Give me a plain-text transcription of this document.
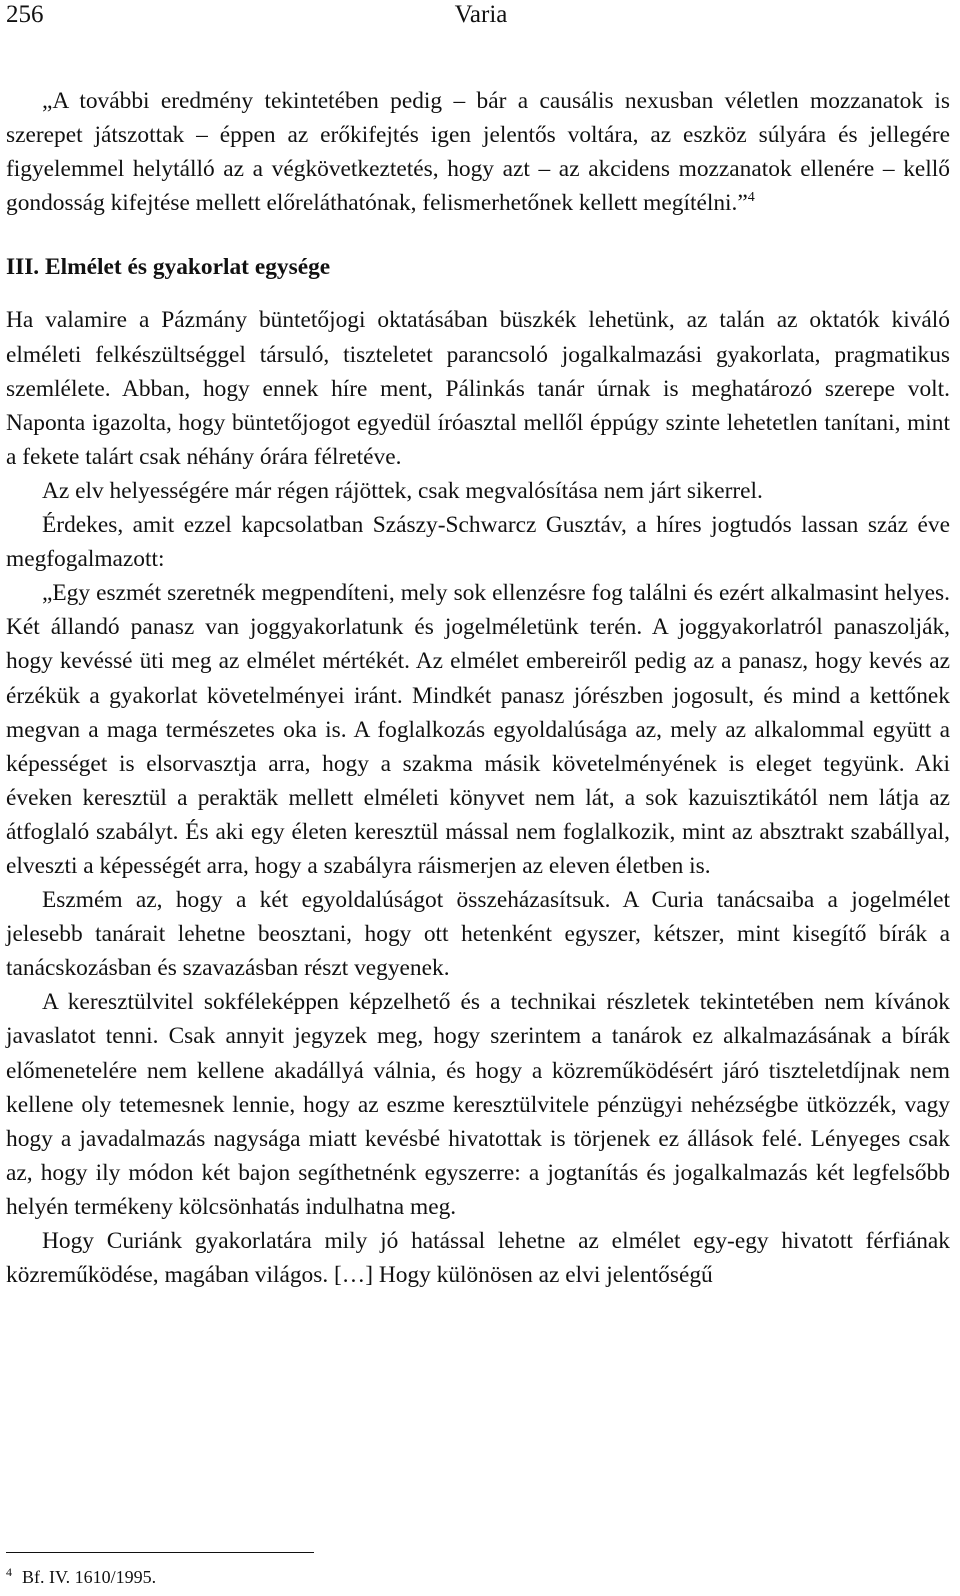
256	Varia

„A további eredmény tekintetében pedig – bár a causális nexusban véletlen mozzanatok is szerepet játszottak – éppen az erőkifejtés igen jelentős voltára, az eszköz súlyára és jellegére figyelemmel helytálló az a végkövetkeztetés, hogy azt – az akcidens mozzanatok ellenére – kellő gondosság kifejtése mellett előreláthatónak, felismerhetőnek kellett megítélni.”$^4$

III. Elmélet és gyakorlat egysége

Ha valamire a Pázmány büntetőjogi oktatásában büszkék lehetünk, az talán az oktatók kiváló elméleti felkészültséggel társuló, tiszteletet parancsoló jogalkalmazási gyakorlata, pragmatikus szemlélete. Abban, hogy ennek híre ment, Pálinkás tanár úrnak is meghatározó szerepe volt. Naponta igazolta, hogy büntetőjogot egyedül íróasztal mellől éppúgy szinte lehetetlen tanítani, mint a fekete talárt csak néhány órára félretéve.

Az elv helyességére már régen rájöttek, csak megvalósítása nem járt sikerrel.

Érdekes, amit ezzel kapcsolatban Szászy-Schwarcz Gusztáv, a híres jogtudós lassan száz éve megfogalmazott:

„Egy eszmét szeretnék megpendíteni, mely sok ellenzésre fog találni és ezért alkalmasint helyes. Két állandó panasz van joggyakorlatunk és jogelméletünk terén. A joggyakorlatról panaszolják, hogy kevéssé üti meg az elmélet mértékét. Az elmélet embereiről pedig az a panasz, hogy kevés az érzékük a gyakorlat követelményei iránt. Mindkét panasz jórészben jogosult, és mind a kettőnek megvan a maga természetes oka is. A foglalkozás egyoldalúsága az, mely az alkalommal együtt a képességet is elsorvasztja arra, hogy a szakma másik követelményének is eleget tegyünk. Aki éveken keresztül a peraktäk mellett elméleti könyvet nem lát, a sok kazuisztikától nem látja az átfoglaló szabályt. És aki egy életen keresztül mással nem foglalkozik, mint az absztrakt szabállyal, elveszti a képességét arra, hogy a szabályra ráismerjen az eleven életben is.

Eszmém az, hogy a két egyoldalúságot összeházasítsuk. A Curia tanácsaiba a jogelmélet jelesebb tanárait lehetne beosztani, hogy ott hetenként egyszer, kétszer, mint kisegítő bírák a tanácskozásban és szavazásban részt vegyenek.

A keresztülvitel sokféleképpen képzelhető és a technikai részletek tekintetében nem kívánok javaslatot tenni. Csak annyit jegyzek meg, hogy szerintem a tanárok ez alkalmazásának a bírák előmenetelére nem kellene akadállyá válnia, és hogy a közreműködésért járó tiszteletdíjnak nem kellene oly tetemesnek lennie, hogy az eszme keresztülvitele pénzügyi nehézségbe ütközzék, vagy hogy a javadalmazás nagysága miatt kevésbé hivatottak is törjenek ez állások felé. Lényeges csak az, hogy ily módon két bajon segíthetnénk egyszerre: a jogtanítás és jogalkalmazás két legfelsőbb helyén termékeny kölcsönhatás indulhatna meg.

Hogy Curiánk gyakorlatára mily jó hatással lehetne az elmélet egy-egy hivatott férfiának közreműködése, magában világos. […] Hogy különösen az elvi jelentőségű

$^4$ Bf. IV. 1610/1995.
